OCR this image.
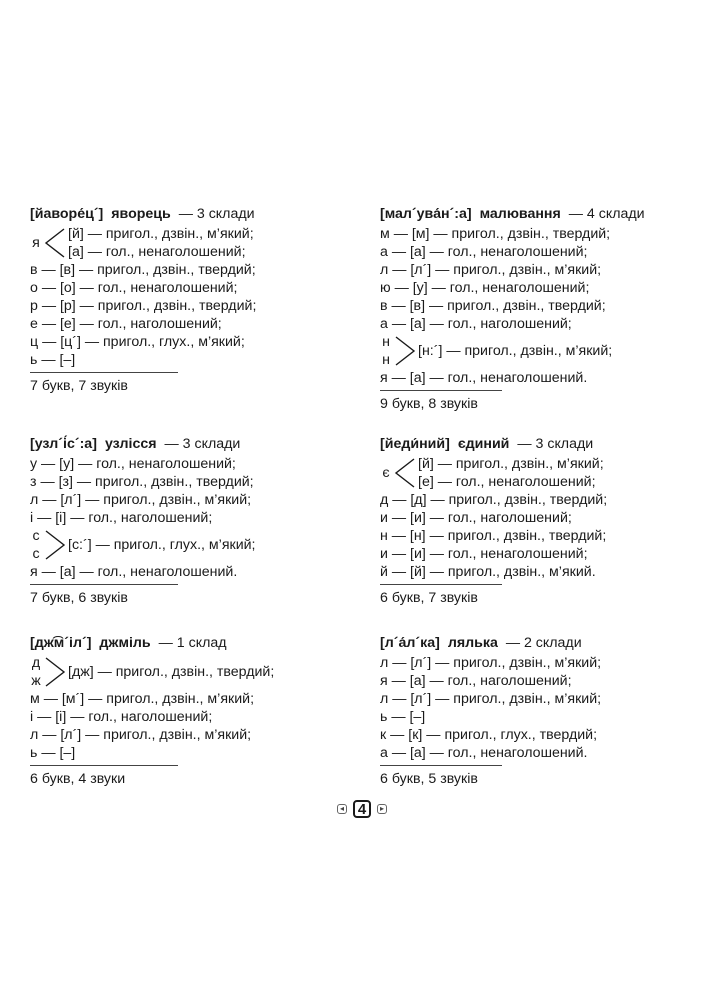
[йаворе́ц´] яворець — 3 склади
я
[й] — пригол., дзвін., м’який;
[а] — гол., ненаголошений;
в — [в] — пригол., дзвін., твердий;
о — [о] — гол., ненаголошений;
р — [р] — пригол., дзвін., твердий;
е — [е] — гол., наголошений;
ц — [ц´] — пригол., глух., м’який;
ь — [–]
7 букв, 7 звуків
[мал´ува́н´:а] малювання — 4 склади
м — [м] — пригол., дзвін., твердий;
а — [а] — гол., ненаголошений;
л — [л´] — пригол., дзвін., м’який;
ю — [у] — гол., ненаголошений;
в — [в] — пригол., дзвін., твердий;
а — [а] — гол., наголошений;
н
н
[н:´] — пригол., дзвін., м’який;
я — [а] — гол., ненаголошений.
9 букв, 8 звуків
[узл´і́с´:а] узлісся — 3 склади
у — [у] — гол., ненаголошений;
з — [з] — пригол., дзвін., твердий;
л — [л´] — пригол., дзвін., м’який;
і — [і] — гол., наголошений;
с
с
[с:´] — пригол., глух., м’який;
я — [а] — гол., ненаголошений.
7 букв, 6 звуків
[йеди́ний] єдиний — 3 склади
є
[й] — пригол., дзвін., м’який;
[е] — гол., ненаголошений;
д — [д] — пригол., дзвін., твердий;
и — [и] — гол., наголошений;
н — [н] — пригол., дзвін., твердий;
и — [и] — гол., ненаголошений;
й — [й] — пригол., дзвін., м’який.
6 букв, 7 звуків
[дж͡м´іл´] джміль — 1 склад
д
ж
[дж] — пригол., дзвін., твердий;
м — [м´] — пригол., дзвін., м’який;
і — [і] — гол., наголошений;
л — [л´] — пригол., дзвін., м’який;
ь — [–]
6 букв, 4 звуки
[л´а́л´ка] лялька — 2 склади
л — [л´] — пригол., дзвін., м’який;
я — [а] — гол., наголошений;
л — [л´] — пригол., дзвін., м’який;
ь — [–]
к — [к] — пригол., глух., твердий;
а — [а] — гол., ненаголошений.
6 букв, 5 звуків
◂ 4	▸
